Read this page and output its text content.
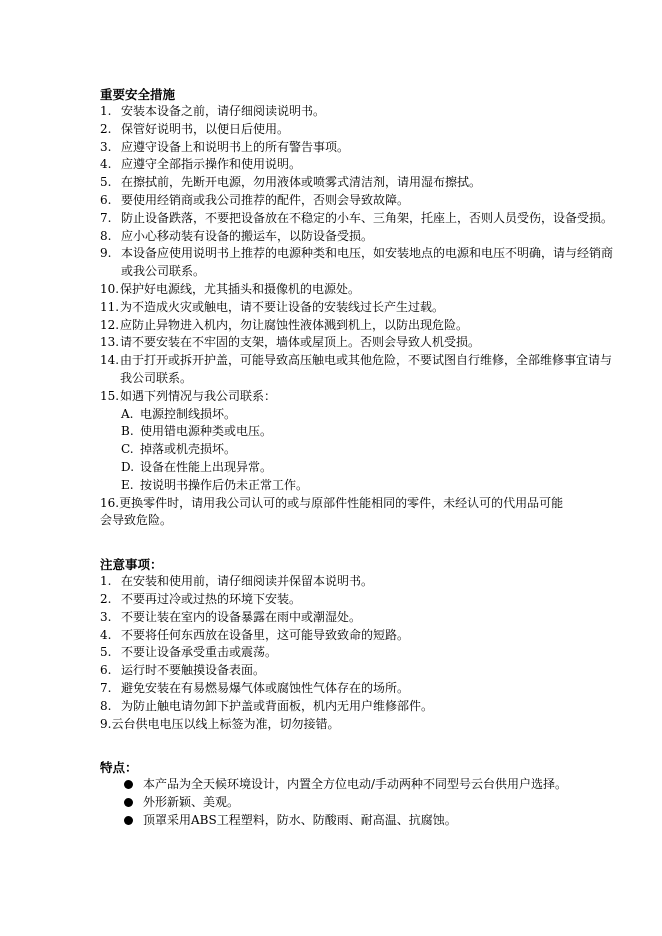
重要安全措施
1. 安装本设备之前，请仔细阅读说明书。
2. 保管好说明书，以便日后使用。
3. 应遵守设备上和说明书上的所有警告事项。
4. 应遵守全部指示操作和使用说明。
5. 在擦拭前，先断开电源，勿用液体或喷雾式清洁剂，请用湿布擦拭。
6. 要使用经销商或我公司推荐的配件，否则会导致故障。
7. 防止设备跌落，不要把设备放在不稳定的小车、三角架，托座上，否则人员受伤，设备受损。
8. 应小心移动装有设备的搬运车，以防设备受损。
9. 本设备应使用说明书上推荐的电源种类和电压，如安装地点的电源和电压不明确，请与经销商或我公司联系。
10. 保护好电源线，尤其插头和摄像机的电源处。
11. 为不造成火灾或触电，请不要让设备的安装线过长产生过载。
12. 应防止异物进入机内，勿让腐蚀性液体溅到机上，以防出现危险。
13. 请不要安装在不牢固的支架，墙体或屋顶上。否则会导致人机受损。
14. 由于打开或拆开护盖，可能导致高压触电或其他危险，不要试图自行维修，全部维修事宜请与我公司联系。
15. 如遇下列情况与我公司联系：
A. 电源控制线损坏。
B. 使用错电源种类或电压。
C. 掉落或机壳损坏。
D. 设备在性能上出现异常。
E. 按说明书操作后仍未正常工作。
16.更换零件时，请用我公司认可的或与原部件性能相同的零件，未经认可的代用品可能
会导致危险。
注意事项：
1. 在安装和使用前，请仔细阅读并保留本说明书。
2. 不要再过冷或过热的环境下安装。
3. 不要让装在室内的设备暴露在雨中或潮湿处。
4. 不要将任何东西放在设备里，这可能导致致命的短路。
5. 不要让设备承受重击或震荡。
6. 运行时不要触摸设备表面。
7. 避免安装在有易燃易爆气体或腐蚀性气体存在的场所。
8. 为防止触电请勿卸下护盖或背面板，机内无用户维修部件。
9.云台供电电压以线上标签为准，切勿接错。
特点：
本产品为全天候环境设计，内置全方位电动/手动两种不同型号云台供用户选择。
外形新颖、美观。
顶罩采用ABS工程塑料，防水、防酸雨、耐高温、抗腐蚀。
